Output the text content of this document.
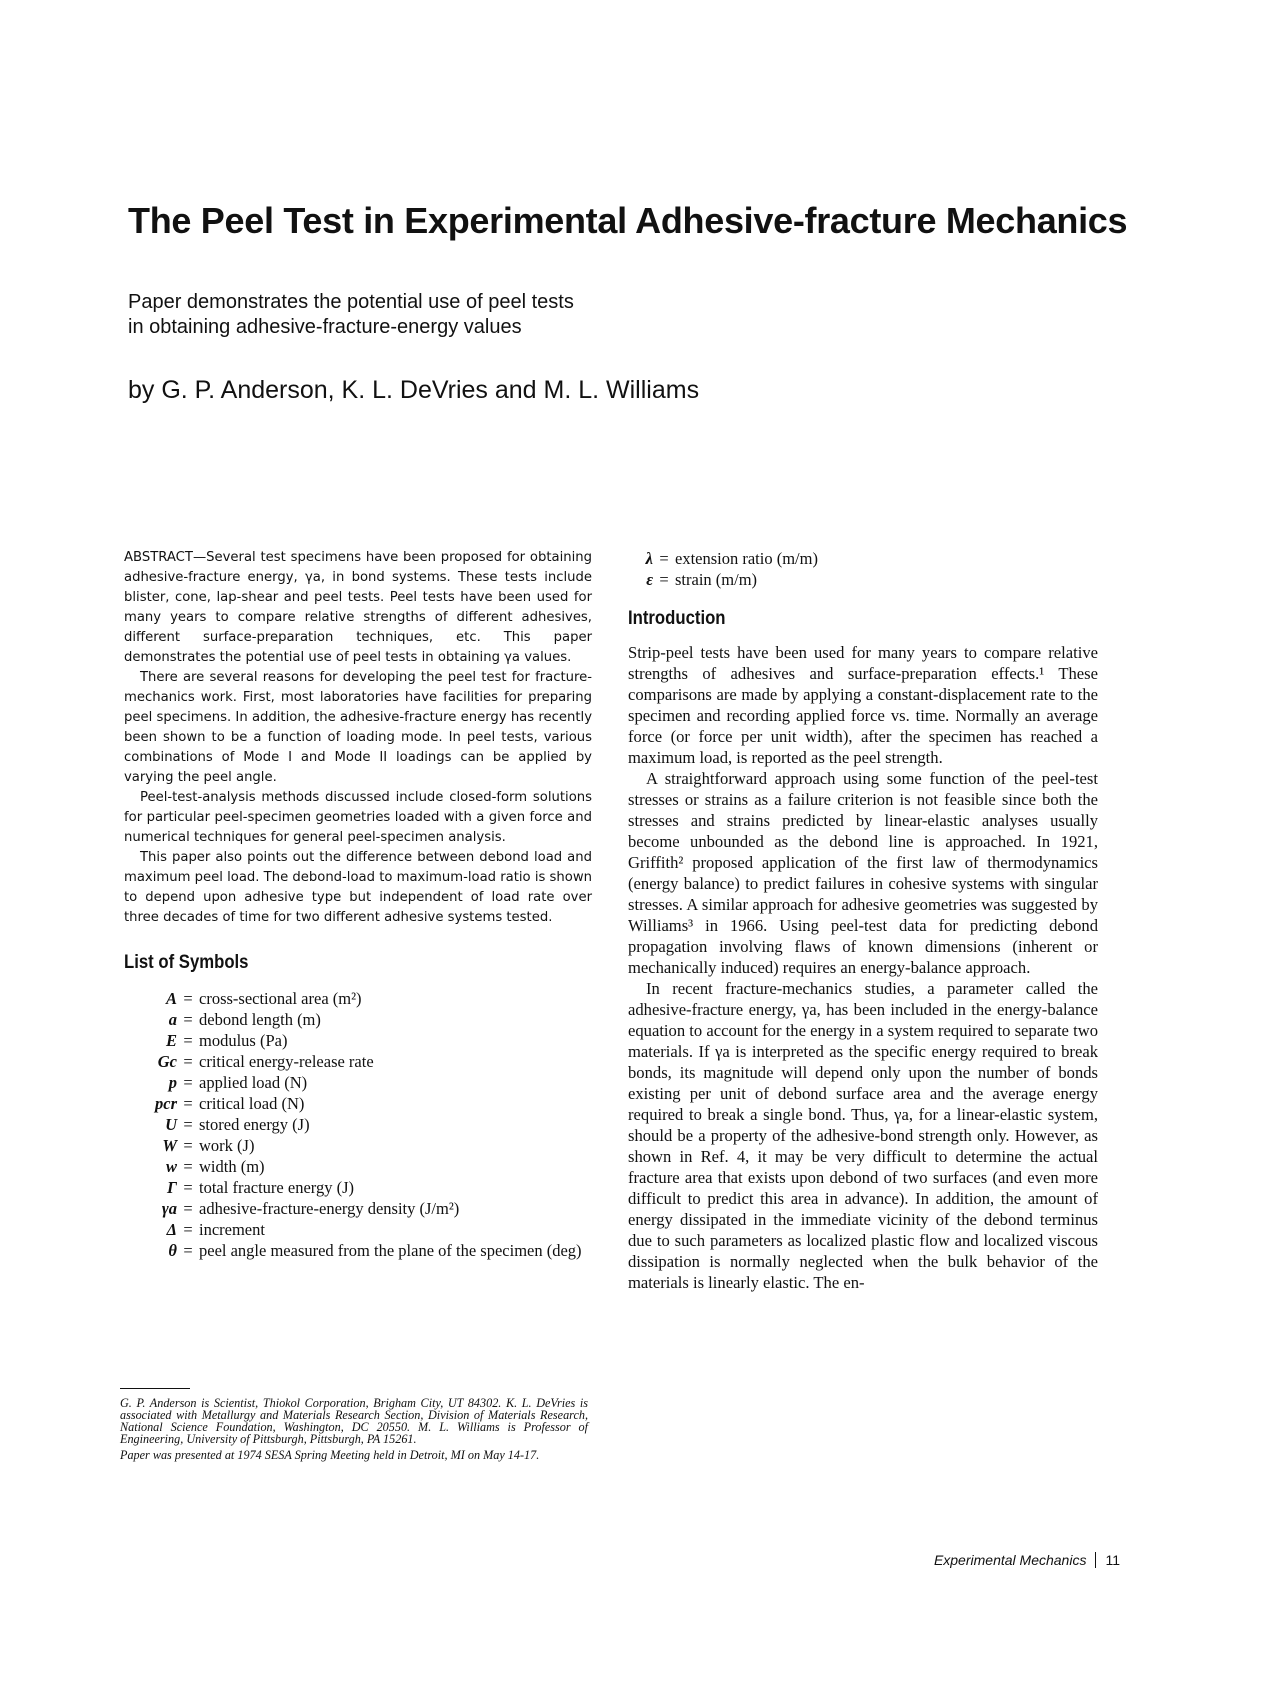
The Peel Test in Experimental Adhesive-fracture Mechanics
Paper demonstrates the potential use of peel tests
in obtaining adhesive-fracture-energy values
by G. P. Anderson, K. L. DeVries and M. L. Williams

ABSTRACT—Several test specimens have been proposed for obtaining adhesive-fracture energy, γa, in bond systems. These tests include blister, cone, lap-shear and peel tests. Peel tests have been used for many years to compare relative strengths of different adhesives, different surface-preparation techniques, etc. This paper demonstrates the potential use of peel tests in obtaining γa values.

There are several reasons for developing the peel test for fracture-mechanics work. First, most laboratories have facilities for preparing peel specimens. In addition, the adhesive-fracture energy has recently been shown to be a function of loading mode. In peel tests, various combinations of Mode I and Mode II loadings can be applied by varying the peel angle.

Peel-test-analysis methods discussed include closed-form solutions for particular peel-specimen geometries loaded with a given force and numerical techniques for general peel-specimen analysis.

This paper also points out the difference between debond load and maximum peel load. The debond-load to maximum-load ratio is shown to depend upon adhesive type but independent of load rate over three decades of time for two different adhesive systems tested.

List of Symbols
A = cross-sectional area (m²)
a = debond length (m)
E = modulus (Pa)
Gc = critical energy-release rate
p = applied load (N)
pcr = critical load (N)
U = stored energy (J)
W = work (J)
w = width (m)
Γ = total fracture energy (J)
γa = adhesive-fracture-energy density (J/m²)
Δ = increment
θ = peel angle measured from the plane of the specimen (deg)

G. P. Anderson is Scientist, Thiokol Corporation, Brigham City, UT 84302. K. L. DeVries is associated with Metallurgy and Materials Research Section, Division of Materials Research, National Science Foundation, Washington, DC 20550. M. L. Williams is Professor of Engineering, University of Pittsburgh, Pittsburgh, PA 15261.

Paper was presented at 1974 SESA Spring Meeting held in Detroit, MI on May 14-17.

λ = extension ratio (m/m)
ε = strain (m/m)
Introduction

Strip-peel tests have been used for many years to compare relative strengths of adhesives and surface-preparation effects.¹ These comparisons are made by applying a constant-displacement rate to the specimen and recording applied force vs. time. Normally an average force (or force per unit width), after the specimen has reached a maximum load, is reported as the peel strength.

A straightforward approach using some function of the peel-test stresses or strains as a failure criterion is not feasible since both the stresses and strains predicted by linear-elastic analyses usually become unbounded as the debond line is approached. In 1921, Griffith² proposed application of the first law of thermodynamics (energy balance) to predict failures in cohesive systems with singular stresses. A similar approach for adhesive geometries was suggested by Williams³ in 1966. Using peel-test data for predicting debond propagation involving flaws of known dimensions (inherent or mechanically induced) requires an energy-balance approach.

In recent fracture-mechanics studies, a parameter called the adhesive-fracture energy, γa, has been included in the energy-balance equation to account for the energy in a system required to separate two materials. If γa is interpreted as the specific energy required to break bonds, its magnitude will depend only upon the number of bonds existing per unit of debond surface area and the average energy required to break a single bond. Thus, γa, for a linear-elastic system, should be a property of the adhesive-bond strength only. However, as shown in Ref. 4, it may be very difficult to determine the actual fracture area that exists upon debond of two surfaces (and even more difficult to predict this area in advance). In addition, the amount of energy dissipated in the immediate vicinity of the debond terminus due to such parameters as localized plastic flow and localized viscous dissipation is normally neglected when the bulk behavior of the materials is linearly elastic. The en-

Experimental Mechanics 11
